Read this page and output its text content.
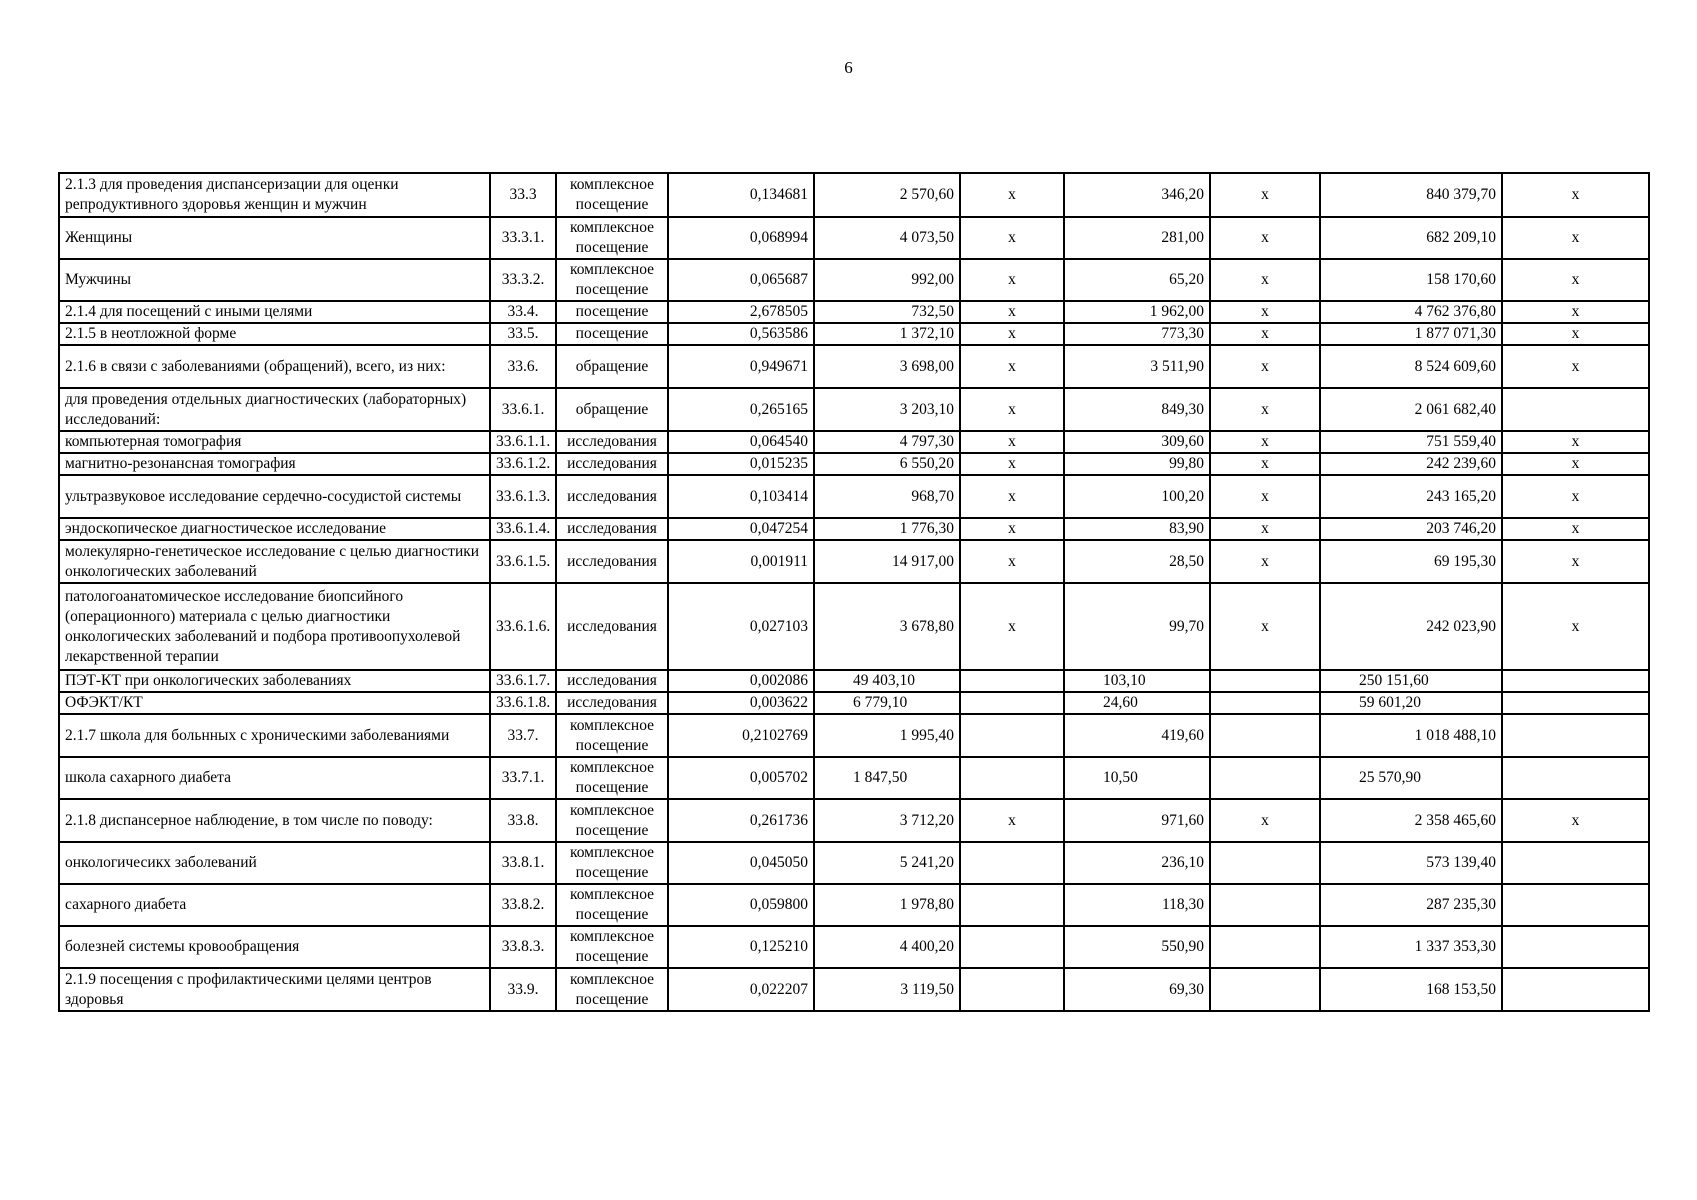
6
2.1.3 для проведения диспансеризации для оценки репродуктивного здоровья женщин и мужчин	33.3	комплексное посещение	0,134681	2 570,60	х	346,20	х	840 379,70	х
Женщины	33.3.1.	комплексное посещение	0,068994	4 073,50	х	281,00	х	682 209,10	х
Мужчины	33.3.2.	комплексное посещение	0,065687	992,00	х	65,20	х	158 170,60	х
2.1.4 для посещений с иными целями	33.4.	посещение	2,678505	732,50	х	1 962,00	х	4 762 376,80	х
2.1.5 в неотложной форме	33.5.	посещение	0,563586	1 372,10	х	773,30	х	1 877 071,30	х
2.1.6 в связи с заболеваниями (обращений), всего, из них:	33.6.	обращение	0,949671	3 698,00	х	3 511,90	х	8 524 609,60	х
для проведения отдельных диагностических (лабораторных) исследований:	33.6.1.	обращение	0,265165	3 203,10	х	849,30	х	2 061 682,40	
компьютерная томография	33.6.1.1.	исследования	0,064540	4 797,30	х	309,60	х	751 559,40	х
магнитно-резонансная томография	33.6.1.2.	исследования	0,015235	6 550,20	х	99,80	х	242 239,60	х
ультразвуковое исследование сердечно-сосудистой системы	33.6.1.3.	исследования	0,103414	968,70	х	100,20	х	243 165,20	х
эндоскопическое диагностическое исследование	33.6.1.4.	исследования	0,047254	1 776,30	х	83,90	х	203 746,20	х
молекулярно-генетическое исследование с целью диагностики онкологических заболеваний	33.6.1.5.	исследования	0,001911	14 917,00	х	28,50	х	69 195,30	х
патологоанатомическое исследование биопсийного (операционного) материала с целью диагностики онкологических заболеваний и подбора противоопухолевой лекарственной терапии	33.6.1.6.	исследования	0,027103	3 678,80	х	99,70	х	242 023,90	х
ПЭТ-КТ при онкологических заболеваниях	33.6.1.7.	исследования	0,002086	49 403,10		103,10		250 151,60	
ОФЭКТ/КТ	33.6.1.8.	исследования	0,003622	6 779,10		24,60		59 601,20	
2.1.7 школа для больнных с хроническими заболеваниями	33.7.	комплексное посещение	0,2102769	1 995,40		419,60		1 018 488,10	
школа сахарного диабета	33.7.1.	комплексное посещение	0,005702	1 847,50		10,50		25 570,90	
2.1.8 диспансерное наблюдение, в том числе по поводу:	33.8.	комплексное посещение	0,261736	3 712,20	х	971,60	х	2 358 465,60	х
онкологичесикх заболеваний	33.8.1.	комплексное посещение	0,045050	5 241,20		236,10		573 139,40	
сахарного диабета	33.8.2.	комплексное посещение	0,059800	1 978,80		118,30		287 235,30	
болезней системы кровообращения	33.8.3.	комплексное посещение	0,125210	4 400,20		550,90		1 337 353,30	
2.1.9 посещения с профилактическими целями центров здоровья	33.9.	комплексное посещение	0,022207	3 119,50		69,30		168 153,50	
